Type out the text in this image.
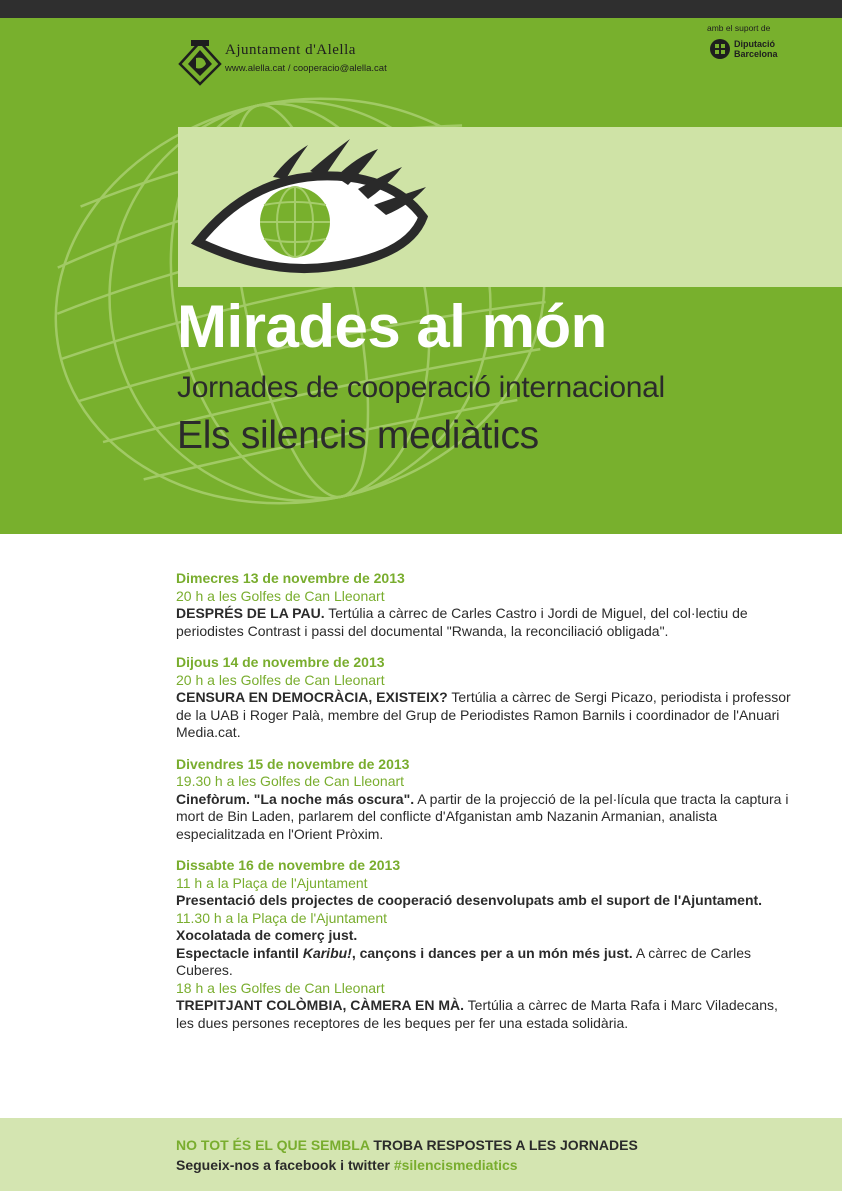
Ajuntament d'Alella
www.alella.cat / cooperacio@alella.cat
amb el suport de
Diputació
Barcelona
Mirades al món
Jornades de cooperació internacional
Els silencis mediàtics
Dimecres 13 de novembre de 2013
20 h a les Golfes de Can Lleonart
DESPRÉS DE LA PAU. Tertúlia a càrrec de Carles Castro i Jordi de Miguel, del col·lectiu de periodistes Contrast i passi del documental "Rwanda, la reconciliació obligada".
Dijous 14 de novembre de 2013
20 h a les Golfes de Can Lleonart
CENSURA EN DEMOCRÀCIA, EXISTEIX? Tertúlia a càrrec de Sergi Picazo, periodista i professor de la UAB i Roger Palà, membre del Grup de Periodistes Ramon Barnils i coordinador de l'Anuari Media.cat.
Divendres 15 de novembre de 2013
19.30 h a les Golfes de Can Lleonart
Cinefòrum. "La noche más oscura". A partir de la projecció de la pel·lícula que tracta la captura i mort de Bin Laden, parlarem del conflicte d'Afganistan amb Nazanin Armanian, analista especialitzada en l'Orient Pròxim.
Dissabte 16 de novembre de 2013
11 h a la Plaça de l'Ajuntament
Presentació dels projectes de cooperació desenvolupats amb el suport de l'Ajuntament.
11.30 h a la Plaça de l'Ajuntament
Xocolatada de comerç just.
Espectacle infantil Karibu!, cançons i dances per a un món més just. A càrrec de Carles Cuberes.
18 h a les Golfes de Can Lleonart
TREPITJANT COLÒMBIA, CÀMERA EN MÀ. Tertúlia a càrrec de Marta Rafa i Marc Viladecans, les dues persones receptores de les beques per fer una estada solidària.
NO TOT ÉS EL QUE SEMBLA TROBA RESPOSTES A LES JORNADES
Segueix-nos a facebook i twitter #silencismediatics
